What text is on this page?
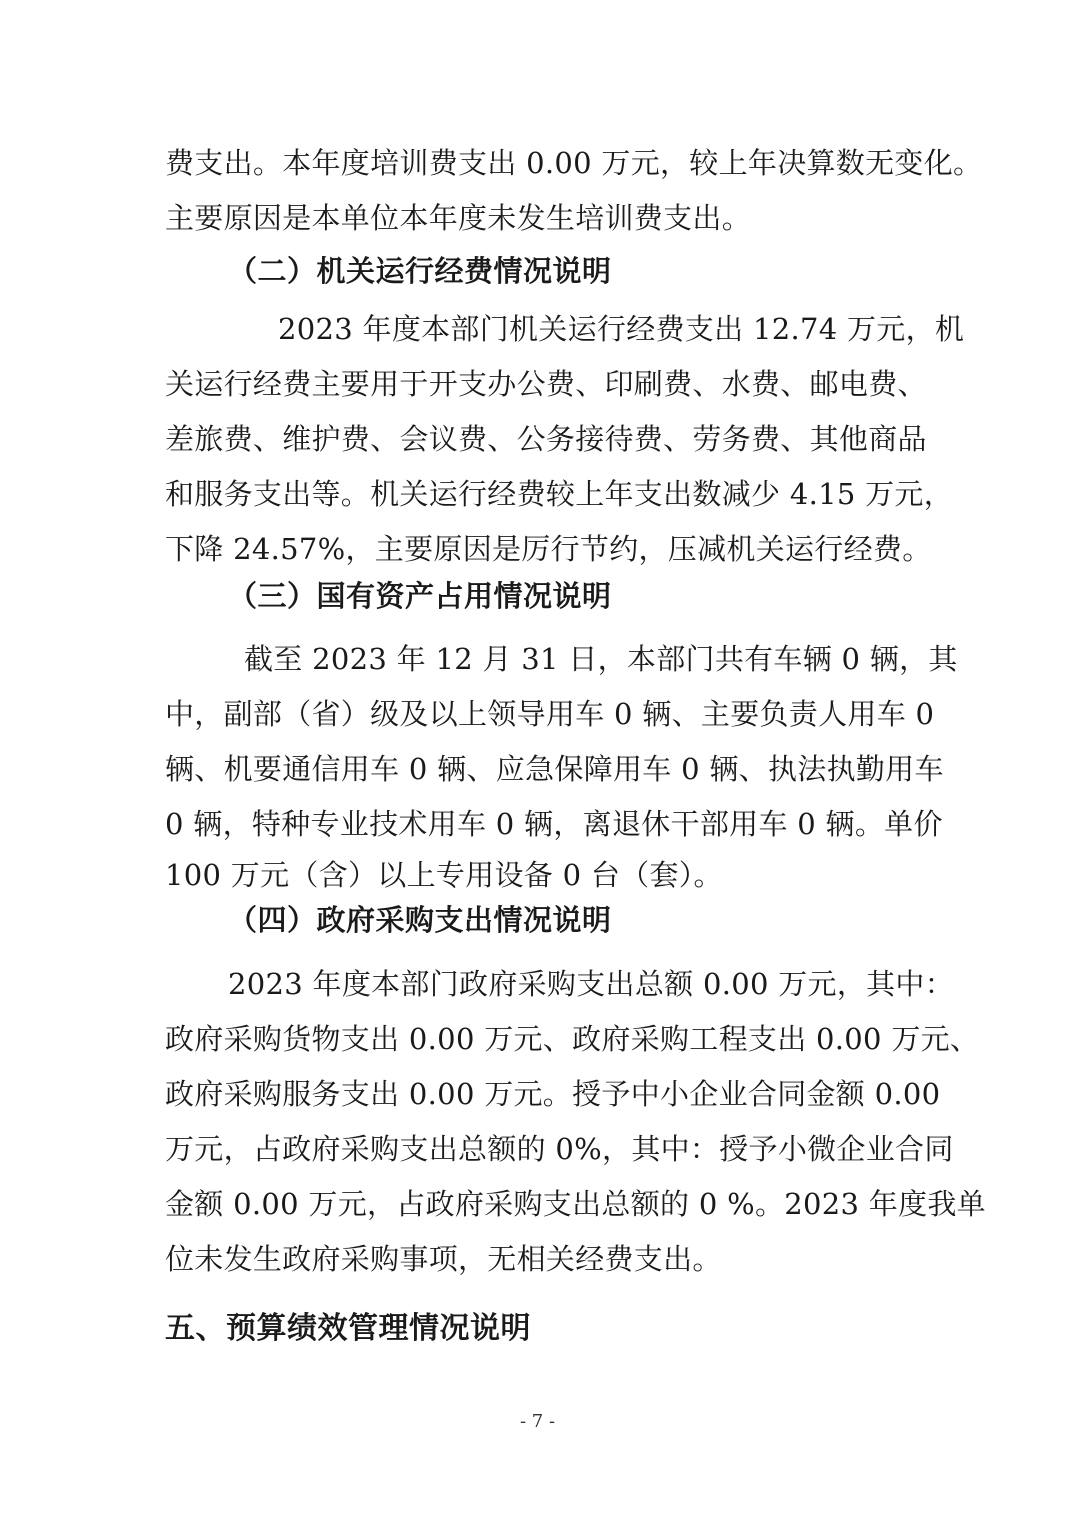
费支出。本年度培训费支出 0.00 万元，较上年决算数无变化。
主要原因是本单位本年度未发生培训费支出。
（二）机关运行经费情况说明
2023 年度本部门机关运行经费支出 12.74 万元，机
关运行经费主要用于开支办公费、印刷费、水费、邮电费、
差旅费、维护费、会议费、公务接待费、劳务费、其他商品
和服务支出等。机关运行经费较上年支出数减少 4.15 万元，
下降 24.57%，主要原因是厉行节约，压减机关运行经费。
（三）国有资产占用情况说明
截至 2023 年 12 月 31 日，本部门共有车辆 0 辆，其
中，副部（省）级及以上领导用车 0 辆、主要负责人用车 0
辆、机要通信用车 0 辆、应急保障用车 0 辆、执法执勤用车
0 辆，特种专业技术用车 0 辆，离退休干部用车 0 辆。单价
100 万元（含）以上专用设备 0 台（套）。
（四）政府采购支出情况说明
2023 年度本部门政府采购支出总额 0.00 万元，其中：
政府采购货物支出 0.00 万元、政府采购工程支出 0.00 万元、
政府采购服务支出 0.00 万元。授予中小企业合同金额 0.00
万元，占政府采购支出总额的 0%，其中：授予小微企业合同
金额 0.00 万元，占政府采购支出总额的 0 %。2023 年度我单
位未发生政府采购事项，无相关经费支出。
五、预算绩效管理情况说明
- 7 -
